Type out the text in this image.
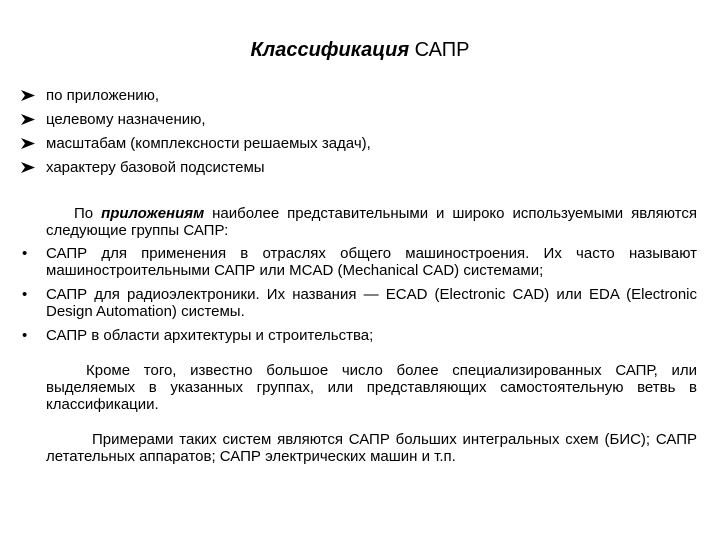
Классификация САПР
по приложению,
целевому назначению,
масштабам (комплексности решаемых задач),
характеру базовой подсистемы

По приложениям наиболее представительными и широко используемыми являются следующие группы САПР:

• САПР для применения в отраслях общего машиностроения. Их часто называют машиностроительными САПР или MCAD (Mechanical CAD) системами;
• САПР для радиоэлектроники. Их названия — ECAD (Electronic CAD) или EDA (Electronic Design Automation) системы.
• САПР в области архитектуры и строительства;

Кроме того, известно большое число более специализированных САПР, или выделяемых в указанных группах, или представляющих самостоятельную ветвь в классификации.

Примерами таких систем являются САПР больших интегральных схем (БИС); САПР летательных аппаратов; САПР электрических машин и т.п.
